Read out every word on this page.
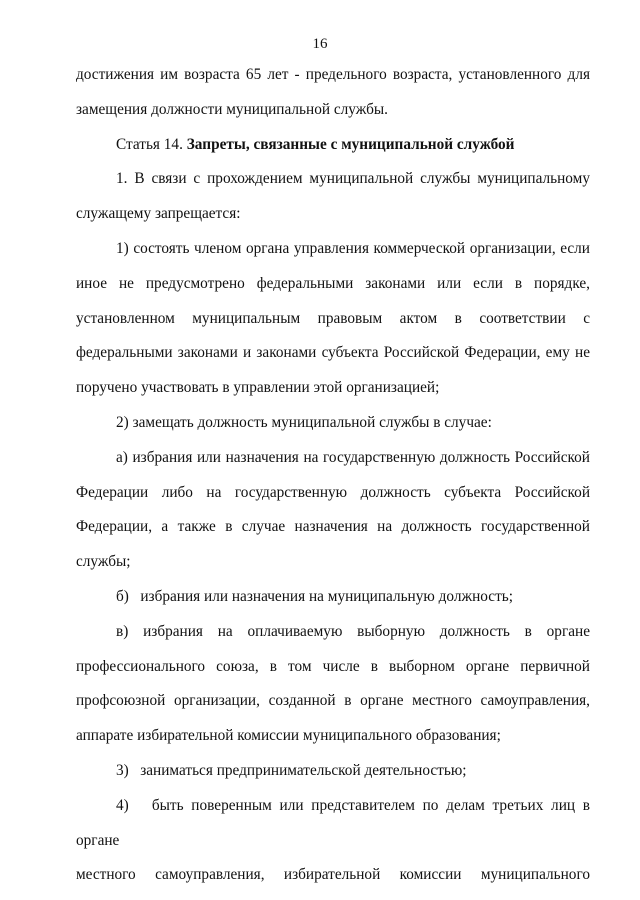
16

достижения им возраста 65 лет - предельного возраста, установленного для

замещения должности муниципальной службы.

Статья 14. Запреты, связанные с муниципальной службой

1. В связи с прохождением муниципальной службы муниципальному

служащему запрещается:

1) состоять членом органа управления коммерческой организации, если

иное не предусмотрено федеральными законами или если в порядке,

установленном муниципальным правовым актом в соответствии с

федеральными законами и законами субъекта Российской Федерации, ему не

поручено участвовать в управлении этой организацией;

2) замещать должность муниципальной службы в случае:

а) избрания или назначения на государственную должность Российской

Федерации либо на государственную должность субъекта Российской

Федерации, а также в случае назначения на должность государственной

службы;

б)   избрания или назначения на муниципальную должность;

в) избрания на оплачиваемую выборную должность в органе

профессионального союза, в том числе в выборном органе первичной

профсоюзной организации, созданной в органе местного самоуправления,

аппарате избирательной комиссии муниципального образования;

3)   заниматься предпринимательской деятельностью;

4)   быть поверенным или представителем по делам третьих лиц в органе

местного самоуправления, избирательной комиссии муниципального
